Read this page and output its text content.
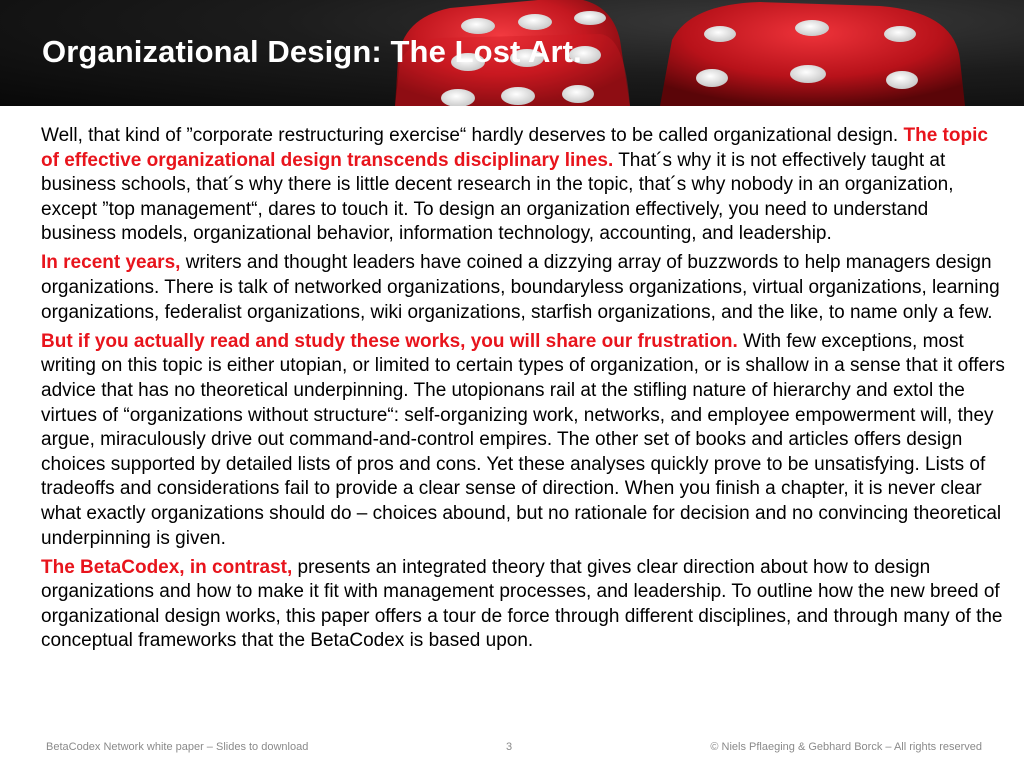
Organizational Design: The Lost Art.

Well, that kind of ”corporate restructuring exercise“ hardly deserves to be called organizational design. The topic of effective organizational design transcends disciplinary lines. That´s why it is not effectively taught at business schools, that´s why there is little decent research in the topic, that´s why nobody in an organization, except ”top management“, dares to touch it. To design an organization effectively, you need to understand business models, organizational behavior, information technology, accounting, and leadership.

In recent years, writers and thought leaders have coined a dizzying array of buzzwords to help managers design organizations. There is talk of networked organizations, boundaryless organizations, virtual organizations, learning organizations, federalist organizations, wiki organizations, starfish organizations, and the like, to name only a few.

But if you actually read and study these works, you will share our frustration. With few exceptions, most writing on this topic is either utopian, or limited to certain types of organization, or is shallow in a sense that it offers advice that has no theoretical underpinning. The utopionans rail at the stifling nature of hierarchy and extol the virtues of “organizations without structure“: self-organizing work, networks, and employee empowerment will, they argue, miraculously drive out command-and-control empires. The other set of books and articles offers design choices supported by detailed lists of pros and cons. Yet these analyses quickly prove to be unsatisfying. Lists of tradeoffs and considerations fail to provide a clear sense of direction. When you finish a chapter, it is never clear what exactly organizations should do – choices abound, but no rationale for decision and no convincing theoretical underpinning is given.

The BetaCodex, in contrast, presents an integrated theory that gives clear direction about how to design organizations and how to make it fit with management processes, and leadership. To outline how the new breed of organizational design works, this paper offers a tour de force through different disciplines, and through many of the conceptual frameworks that the BetaCodex is based upon.

BetaCodex Network white paper – Slides to download	3	© Niels Pflaeging & Gebhard Borck – All rights reserved
